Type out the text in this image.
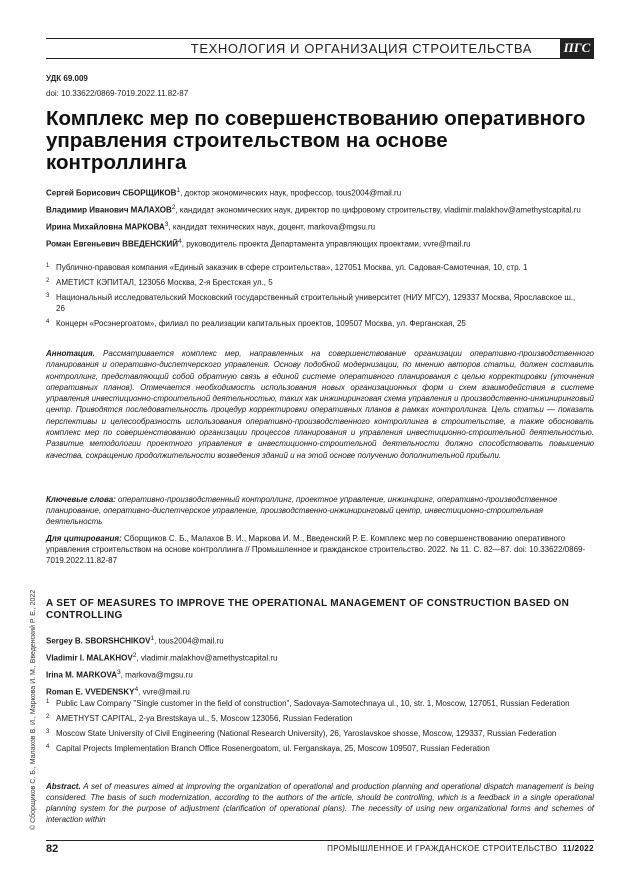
ТЕХНОЛОГИЯ И ОРГАНИЗАЦИЯ СТРОИТЕЛЬСТВА ПГС
УДК 69.009
doi: 10.33622/0869-7019.2022.11.82-87
Комплекс мер по совершенствованию оперативного управления строительством на основе контроллинга
Сергей Борисович СБОРЩИКОВ$^1$, доктор экономических наук, профессор, tous2004@mail.ru
Владимир Иванович МАЛАХОВ$^2$, кандидат экономических наук, директор по цифровому строительству, vladimir.malakhov@amethystcapital.ru
Ирина Михайловна МАРКОВА$^3$, кандидат технических наук, доцент, markova@mgsu.ru
Роман Евгеньевич ВВЕДЕНСКИЙ$^4$, руководитель проекта Департамента управляющих проектами, vvre@mail.ru
1 Публично-правовая компания «Единый заказчик в сфере строительства», 127051 Москва, ул. Садовая-Самотечная, 10, стр. 1
2 АМЕТИСТ КЭПИТАЛ, 123056 Москва, 2-я Брестская ул., 5
3 Национальный исследовательский Московский государственный строительный университет (НИУ МГСУ), 129337 Москва, Ярославское ш., 26
4 Концерн «Росэнергоатом», филиал по реализации капитальных проектов, 109507 Москва, ул. Ферганская, 25

Аннотация. Рассматривается комплекс мер, направленных на совершенствование организации оперативно-производственного планирования и оперативно-диспетчерского управления. Основу подобной модернизации, по мнению авторов статьи, должен составить контроллинг, представляющий собой обратную связь в единой системе оперативного планирования с целью корректировки (уточнения оперативных планов). Отмечается необходимость использования новых организационных форм и схем взаимодействия в системе управления инвестиционно-строительной деятельностью, таких как инжиниринговая схема управления и производственно-инжиниринговый центр. Приводятся последовательность процедур корректировки оперативных планов в рамках контроллинга. Цель статьи — показать перспективы и целесообразность использования оперативно-производственного контроллинга в строительстве, а также обосновать комплекс мер по совершенствованию организации процессов планирования и управления инвестиционно-строительной деятельностью. Развитие методологии проектного управления в инвестиционно-строительной деятельности должно способствовать повышению качества, сокращению продолжительности возведения зданий и на этой основе получению дополнительной прибыли.

Ключевые слова: оперативно-производственный контроллинг, проектное управление, инжиниринг, оперативно-производственное планирование, оперативно-диспетчерское управление, производственно-инжиниринговый центр, инвестиционно-строительная деятельность

Для цитирования: Сборщиков С. Б., Малахов В. И., Маркова И. М., Введенский Р. Е. Комплекс мер по совершенствованию оперативного управления строительством на основе контроллинга // Промышленное и гражданское строительство. 2022. № 11. С. 82—87. doi: 10.33622/0869-7019.2022.11.82-87

A SET OF MEASURES TO IMPROVE THE OPERATIONAL MANAGEMENT OF CONSTRUCTION BASED ON CONTROLLING
Sergey B. SBORSHCHIKOV$^1$, tous2004@mail.ru
Vladimir I. MALAKHOV$^2$, vladimir.malakhov@amethystcapital.ru
Irina M. MARKOVA$^3$, markova@mgsu.ru
Roman E. VVEDENSKY$^4$, vvre@mail.ru
1 Public Law Company "Single customer in the field of construction", Sadovaya-Samotechnaya ul., 10, str. 1, Moscow, 127051, Russian Federation
2 AMETHYST CAPITAL, 2-ya Brestskaya ul., 5, Moscow 123056, Russian Federation
3 Moscow State University of Civil Engineering (National Research University), 26, Yaroslavskoe shosse, Moscow, 129337, Russian Federation
4 Capital Projects Implementation Branch Office Rosenergoatom, ul. Ferganskaya, 25, Moscow 109507, Russian Federation

Abstract. A set of measures aimed at improving the organization of operational and production planning and operational dispatch management is being considered. The basis of such modernization, according to the authors of the article, should be controlling, which is a feedback in a single operational planning system for the purpose of adjustment (clarification of operational plans). The necessity of using new organizational forms and schemes of interaction within

© Сборщиков С. Б., Малахов В. И., Маркова И. М., Введенский Р. Е., 2022
82	ПРОМЫШЛЕННОЕ И ГРАЖДАНСКОЕ СТРОИТЕЛЬСТВО 11/2022
